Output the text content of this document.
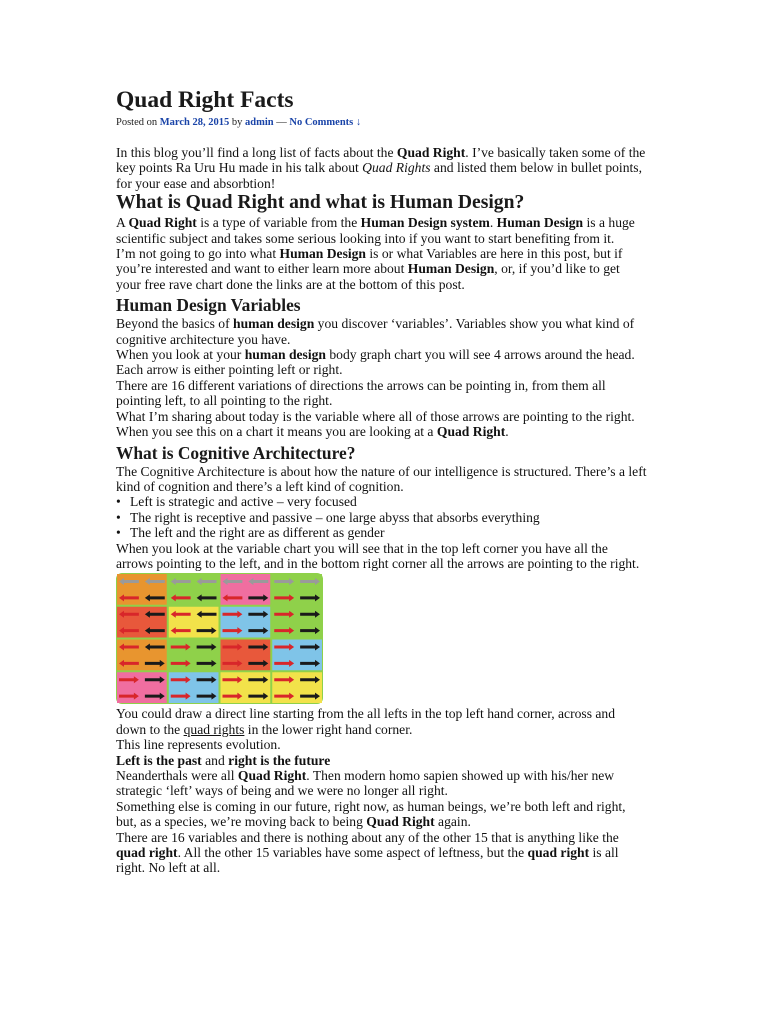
Quad Right Facts
Posted on March 28, 2015 by admin — No Comments ↓

In this blog you’ll find a long list of facts about the Quad Right. I’ve basically taken some of the key points Ra Uru Hu made in his talk about Quad Rights and listed them below in bullet points, for your ease and absorbtion!

What is Quad Right and what is Human Design?

A Quad Right is a type of variable from the Human Design system. Human Design is a huge scientific subject and takes some serious looking into if you want to start benefiting from it.

I’m not going to go into what Human Design is or what Variables are here in this post, but if you’re interested and want to either learn more about Human Design, or, if you’d like to get your free rave chart done the links are at the bottom of this post.

Human Design Variables

Beyond the basics of human design you discover ‘variables’. Variables show you what kind of cognitive architecture you have.

When you look at your human design body graph chart you will see 4 arrows around the head. Each arrow is either pointing left or right.

There are 16 different variations of directions the arrows can be pointing in, from them all pointing left, to all pointing to the right.

What I’m sharing about today is the variable where all of those arrows are pointing to the right. When you see this on a chart it means you are looking at a Quad Right.

What is Cognitive Architecture?

The Cognitive Architecture is about how the nature of our intelligence is structured. There’s a left kind of cognition and there’s a left kind of cognition.

• Left is strategic and active – very focused
• The right is receptive and passive – one large abyss that absorbs everything
• The left and the right are as different as gender

When you look at the variable chart you will see that in the top left corner you have all the arrows pointing to the left, and in the bottom right corner all the arrows are pointing to the right.

You could draw a direct line starting from the all lefts in the top left hand corner, across and down to the quad rights in the lower right hand corner.

This line represents evolution.

Left is the past and right is the future

Neanderthals were all Quad Right. Then modern homo sapien showed up with his/her new strategic ‘left’ ways of being and we were no longer all right.

Something else is coming in our future, right now, as human beings, we’re both left and right, but, as a species, we’re moving back to being Quad Right again.

There are 16 variables and there is nothing about any of the other 15 that is anything like the quad right. All the other 15 variables have some aspect of leftness, but the quad right is all right. No left at all.
